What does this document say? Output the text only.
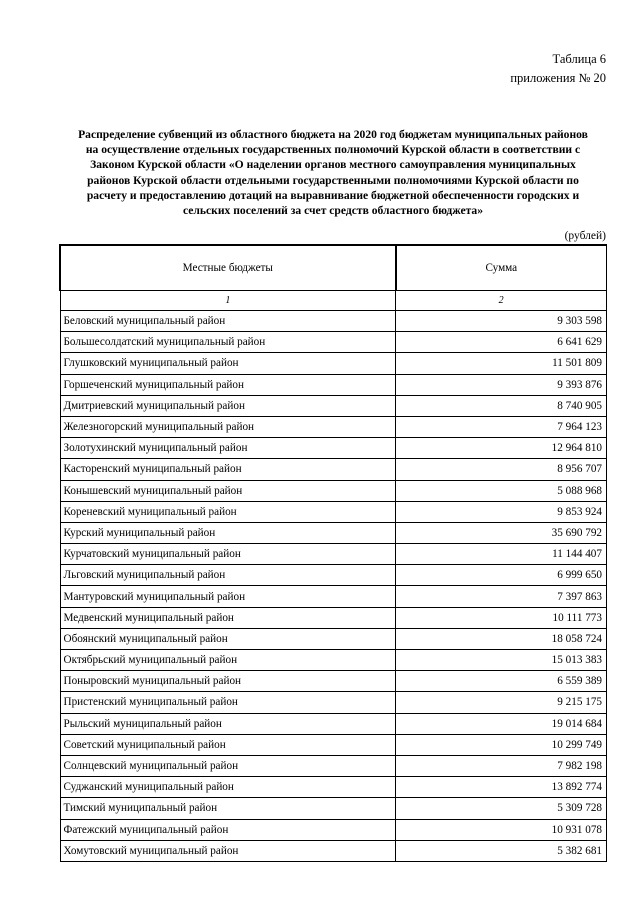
Таблица 6
приложения № 20
Распределение субвенций из областного бюджета на 2020 год бюджетам муниципальных районов
на осуществление отдельных государственных полномочий Курской области в соответствии с
Законом Курской области «О наделении органов местного самоуправления муниципальных
районов Курской области отдельными государственными полномочиями Курской области по
расчету и предоставлению дотаций на выравнивание бюджетной обеспеченности городских и
сельских поселений за счет средств областного бюджета»
(рублей)
Местные бюджеты	Сумма
1	2
Беловский муниципальный район	9 303 598
Большесолдатский муниципальный район	6 641 629
Глушковский муниципальный район	11 501 809
Горшеченский муниципальный район	9 393 876
Дмитриевский муниципальный район	8 740 905
Железногорский муниципальный район	7 964 123
Золотухинский муниципальный район	12 964 810
Касторенский муниципальный район	8 956 707
Конышевский муниципальный район	5 088 968
Кореневский муниципальный район	9 853 924
Курский муниципальный район	35 690 792
Курчатовский муниципальный район	11 144 407
Льговский муниципальный район	6 999 650
Мантуровский муниципальный район	7 397 863
Медвенский муниципальный район	10 111 773
Обоянский муниципальный район	18 058 724
Октябрьский муниципальный район	15 013 383
Поныровский муниципальный район	6 559 389
Пристенский муниципальный район	9 215 175
Рыльский муниципальный район	19 014 684
Советский муниципальный район	10 299 749
Солнцевский муниципальный район	7 982 198
Суджанский муниципальный район	13 892 774
Тимский муниципальный район	5 309 728
Фатежский муниципальный район	10 931 078
Хомутовский муниципальный район	5 382 681
